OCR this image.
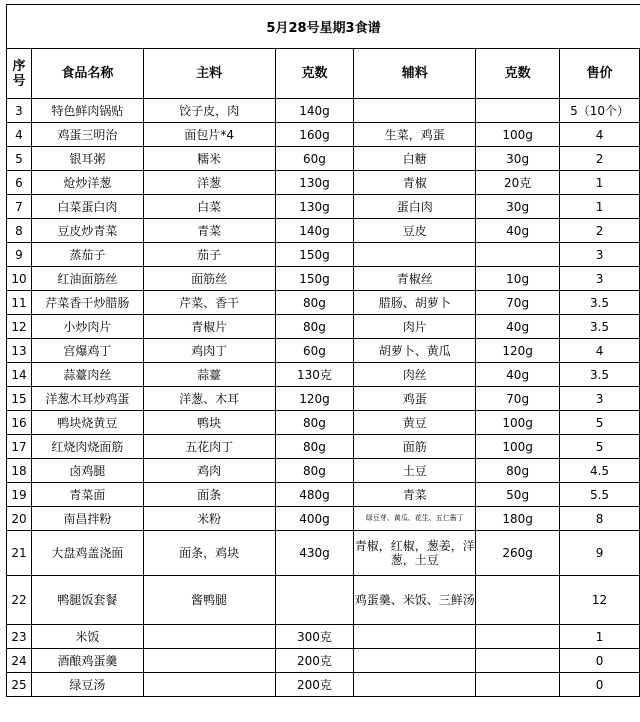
5月28号星期3食谱
序号	食品名称	主料	克数	辅料	克数	售价
3	特色鲜肉锅贴	饺子皮，肉	140g			5（10个）
4	鸡蛋三明治	面包片*4	160g	生菜，鸡蛋	100g	4
5	银耳粥	糯米	60g	白糖	30g	2
6	炝炒洋葱	洋葱	130g	青椒	20克	1
7	白菜蛋白肉	白菜	130g	蛋白肉	30g	1
8	豆皮炒青菜	青菜	140g	豆皮	40g	2
9	蒸茄子	茄子	150g			3
10	红油面筋丝	面筋丝	150g	青椒丝	10g	3
11	芹菜香干炒腊肠	芹菜、香干	80g	腊肠、胡萝卜	70g	3.5
12	小炒肉片	青椒片	80g	肉片	40g	3.5
13	宫爆鸡丁	鸡肉丁	60g	胡萝卜、黄瓜	120g	4
14	蒜薹肉丝	蒜薹	130克	肉丝	40g	3.5
15	洋葱木耳炒鸡蛋	洋葱、木耳	120g	鸡蛋	70g	3
16	鸭块烧黄豆	鸭块	80g	黄豆	100g	5
17	红烧肉烧面筋	五花肉丁	80g	面筋	100g	5
18	卤鸡腿	鸡肉	80g	土豆	80g	4.5
19	青菜面	面条	480g	青菜	50g	5.5
20	南昌拌粉	米粉	400g	绿豆芽、黄瓜、花生、五仁酱丁	180g	8
21	大盘鸡盖浇面	面条，鸡块	430g	青椒，红椒，葱姜，洋葱，土豆	260g	9
22	鸭腿饭套餐	酱鸭腿		鸡蛋羹、米饭、三鲜汤		12
23	米饭		300克			1
24	酒酿鸡蛋羹		200克			0
25	绿豆汤		200克			0
